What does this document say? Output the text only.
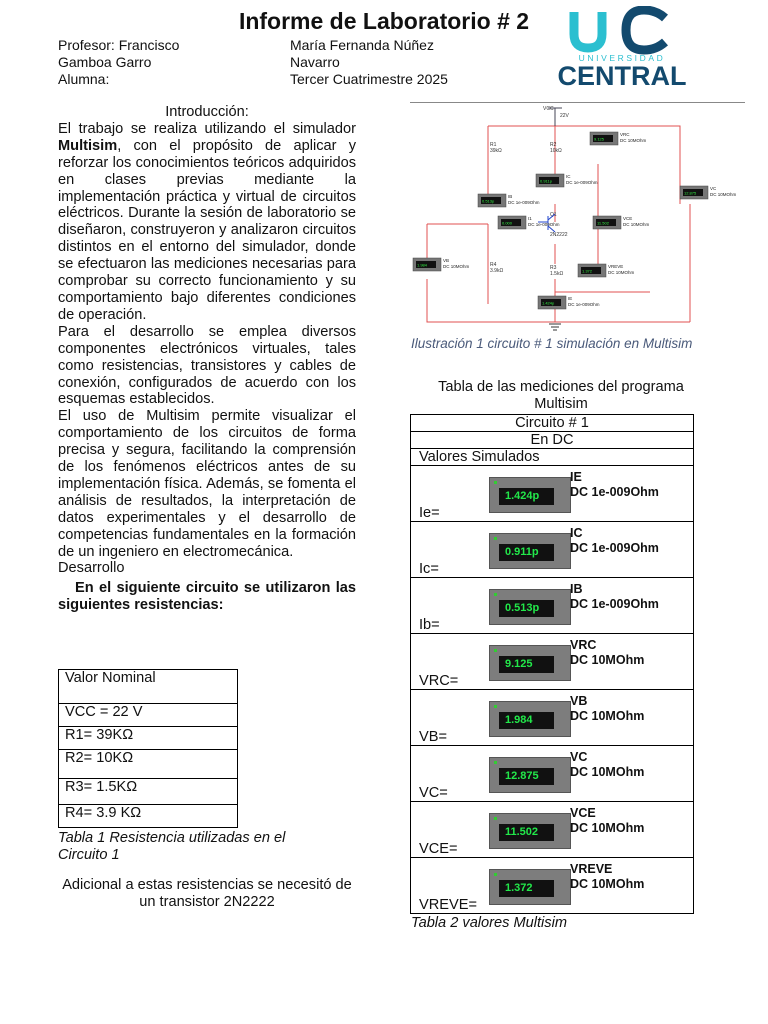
Informe de Laboratorio # 2
Profesor: Francisco
Gamboa Garro
Alumna:
María Fernanda Núñez
Navarro
Tercer Cuatrimestre 2025
UNIVERSIDAD
CENTRAL

Introducción:

El trabajo se realiza utilizando el simulador Multisim, con el propósito de aplicar y reforzar los conocimientos teóricos adquiridos en clases previas mediante la implementación práctica y virtual de circuitos eléctricos. Durante la sesión de laboratorio se diseñaron, construyeron y analizaron circuitos distintos en el entorno del simulador, donde se efectuaron las mediciones necesarias para comprobar su correcto funcionamiento y su comportamiento bajo diferentes condiciones de operación.

Para el desarrollo se emplea diversos componentes electrónicos virtuales, tales como resistencias, transistores y cables de conexión, configurados de acuerdo con los esquemas establecidos.

El uso de Multisim permite visualizar el comportamiento de los circuitos de forma precisa y segura, facilitando la comprensión de los fenómenos eléctricos antes de su implementación física. Además, se fomenta el análisis de resultados, la interpretación de datos experimentales y el desarrollo de competencias fundamentales en la formación de un ingeniero en electromecánica.

Desarrollo

En el siguiente circuito se utilizaron las siguientes resistencias:

Valor Nominal
VCC = 22 V
R1= 39KΩ
R2= 10KΩ
R3= 1.5KΩ
R4= 3.9 KΩ
Tabla 1 Resistencia utilizadas en el Circuito 1
Adicional a estas resistencias se necesitó de un transistor 2N2222
VCC
22V
R1
39kΩ
R2
10kΩ
R3
1.5kΩ
R4
3.9kΩ
Q1
2N2222
9.125
VRC
DC 10MOhm
0.911p
IC
DC 1e-009Ohm
12.875
VC
DC 10MOhm
0.513p
IB
DC 1e-009Ohm
11.502
VCE
DC 10MOhm
1.984
VB
DC 10MOhm
1.372
VREVE
DC 10MOhm
1.424p
IE
DC 1e-009Ohm
0.000
I1
DC 1e-009Ohm
Ilustración 1 circuito # 1 simulación en Multisim
Tabla de las mediciones del programa Multisim
Circuito # 1
En DC
Valores Simulados

1.424p
IE
DC 1e-009Ohm
Ie=

0.911p
IC
DC 1e-009Ohm
Ic=

0.513p
IB
DC 1e-009Ohm
Ib=

9.125
VRC
DC 10MOhm
VRC=

1.984
VB
DC 10MOhm
VB=

12.875
VC
DC 10MOhm
VC=

11.502
VCE
DC 10MOhm
VCE=

1.372
VREVE
DC 10MOhm
VREVE=
Tabla 2 valores Multisim
